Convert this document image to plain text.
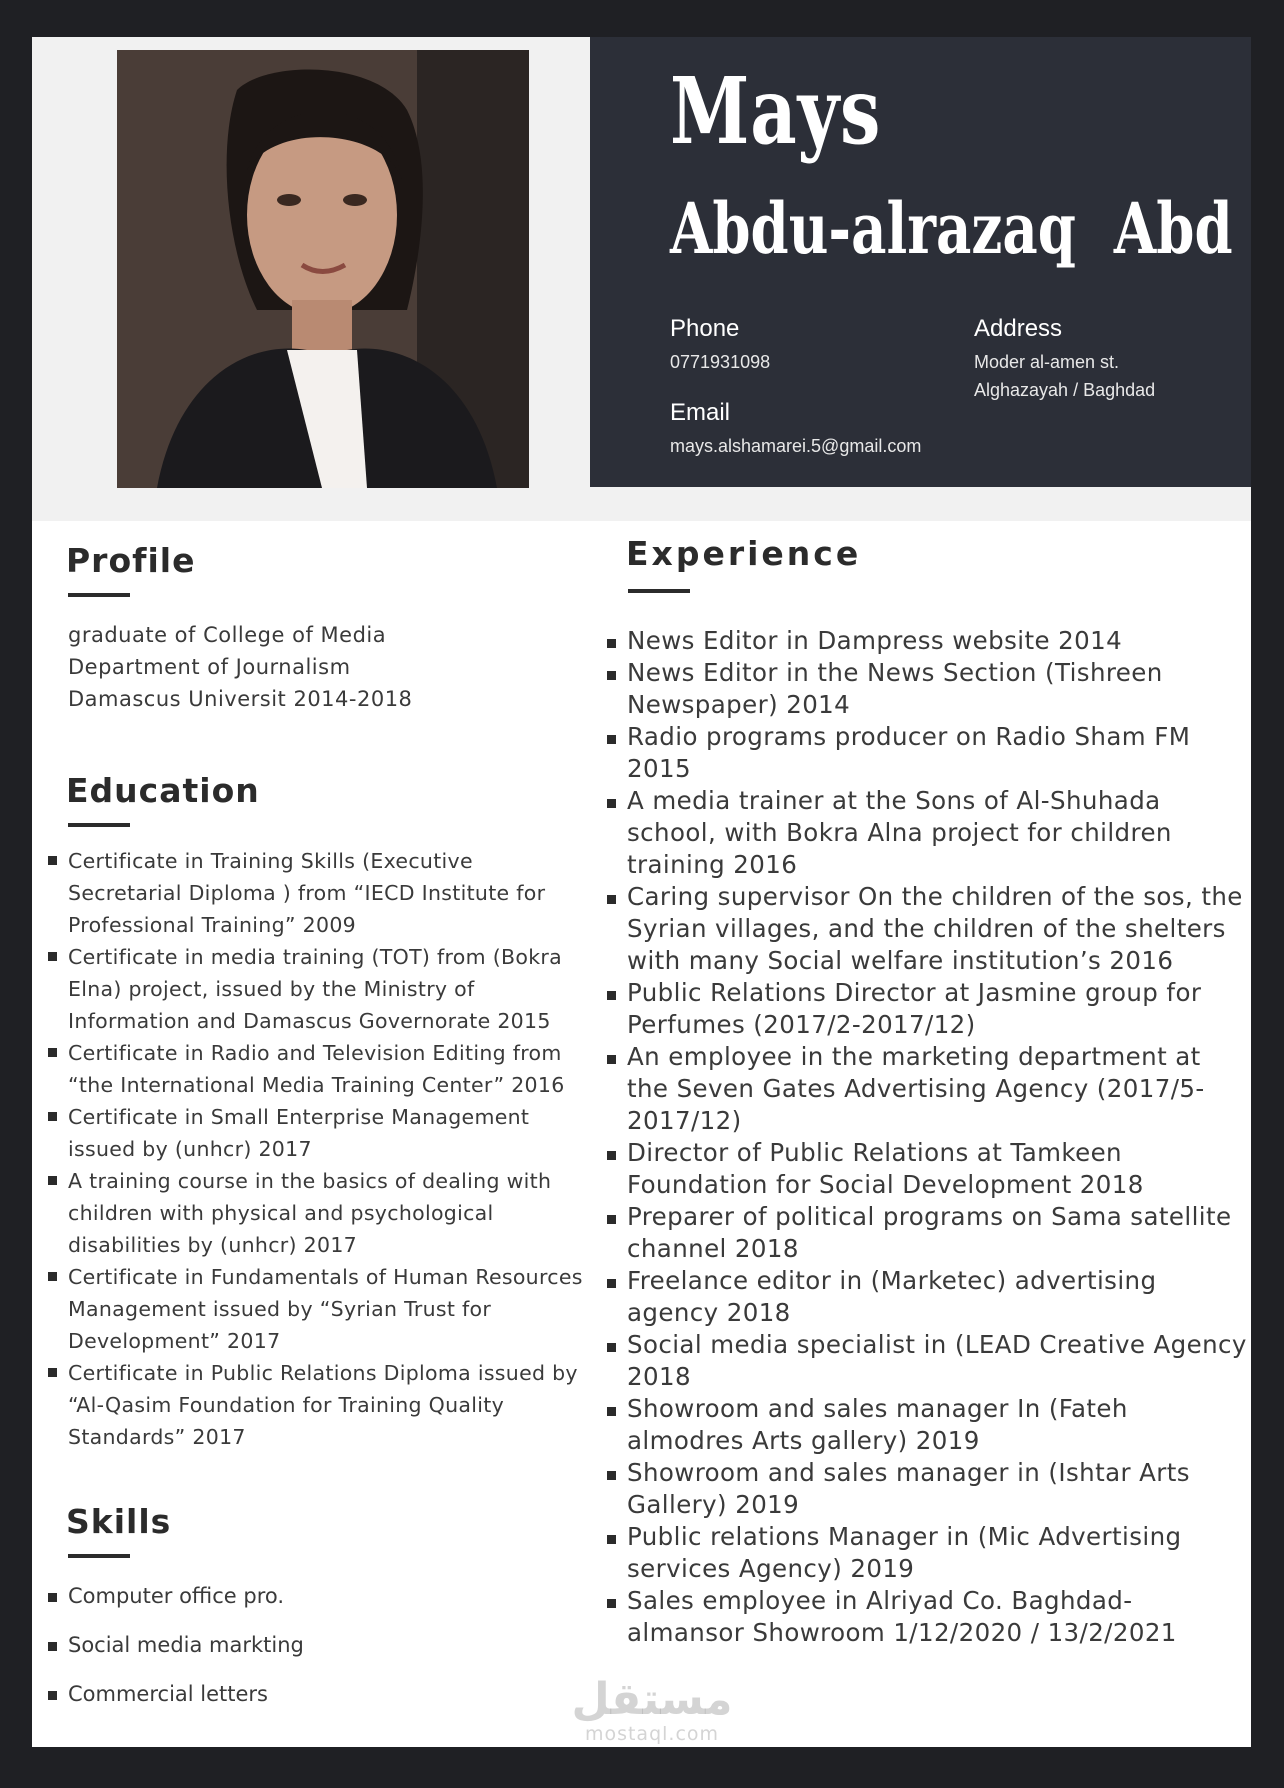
Mays
Abdu-alrazaq  Abd
Phone
0771931098
Email
mays.alshamarei.5@gmail.com
Address
Moder al-amen st.
Alghazayah / Baghdad
Profile
graduate of College of Media
Department of Journalism
Damascus Universit 2014-2018
Education
Certificate in Training Skills (Executive Secretarial Diploma ) from “IECD Institute for Professional Training” 2009
Certificate in media training (TOT) from (Bokra Elna) project, issued by the Ministry of Information and Damascus Governorate 2015
Certificate in Radio and Television Editing from “the International Media Training Center” 2016
Certificate in Small Enterprise Management issued by (unhcr) 2017
A training course in the basics of dealing with children with physical and psychological disabilities by (unhcr) 2017
Certificate in Fundamentals of Human Resources Management issued by “Syrian Trust for Development” 2017
Certificate in Public Relations Diploma issued by “Al-Qasim Foundation for Training Quality Standards” 2017
Skills
Computer office pro.
Social media markting
Commercial letters
Experience
News Editor in Dampress website 2014
News Editor in the News Section (Tishreen Newspaper) 2014
Radio programs producer on Radio Sham FM 2015
A media trainer at the Sons of Al-Shuhada school, with Bokra Alna project for children training 2016
Caring supervisor On the children of the sos, the Syrian villages, and the children of the shelters with many Social welfare institution’s 2016
Public Relations Director at Jasmine group for Perfumes (2017/2-2017/12)
An employee in the marketing department at the Seven Gates Advertising Agency (2017/5-2017/12)
Director of Public Relations at Tamkeen Foundation for Social Development 2018
Preparer of political programs on Sama satellite channel 2018
Freelance editor in (Marketec) advertising agency 2018
Social media specialist in (LEAD Creative Agency 2018
Showroom and sales manager In (Fateh almodres Arts gallery) 2019
Showroom and sales manager in (Ishtar Arts Gallery) 2019
Public relations Manager in (Mic Advertising services Agency) 2019
Sales employee in Alriyad Co. Baghdad- almansor Showroom 1/12/2020 / 13/2/2021
مستقل
mostaql.com
